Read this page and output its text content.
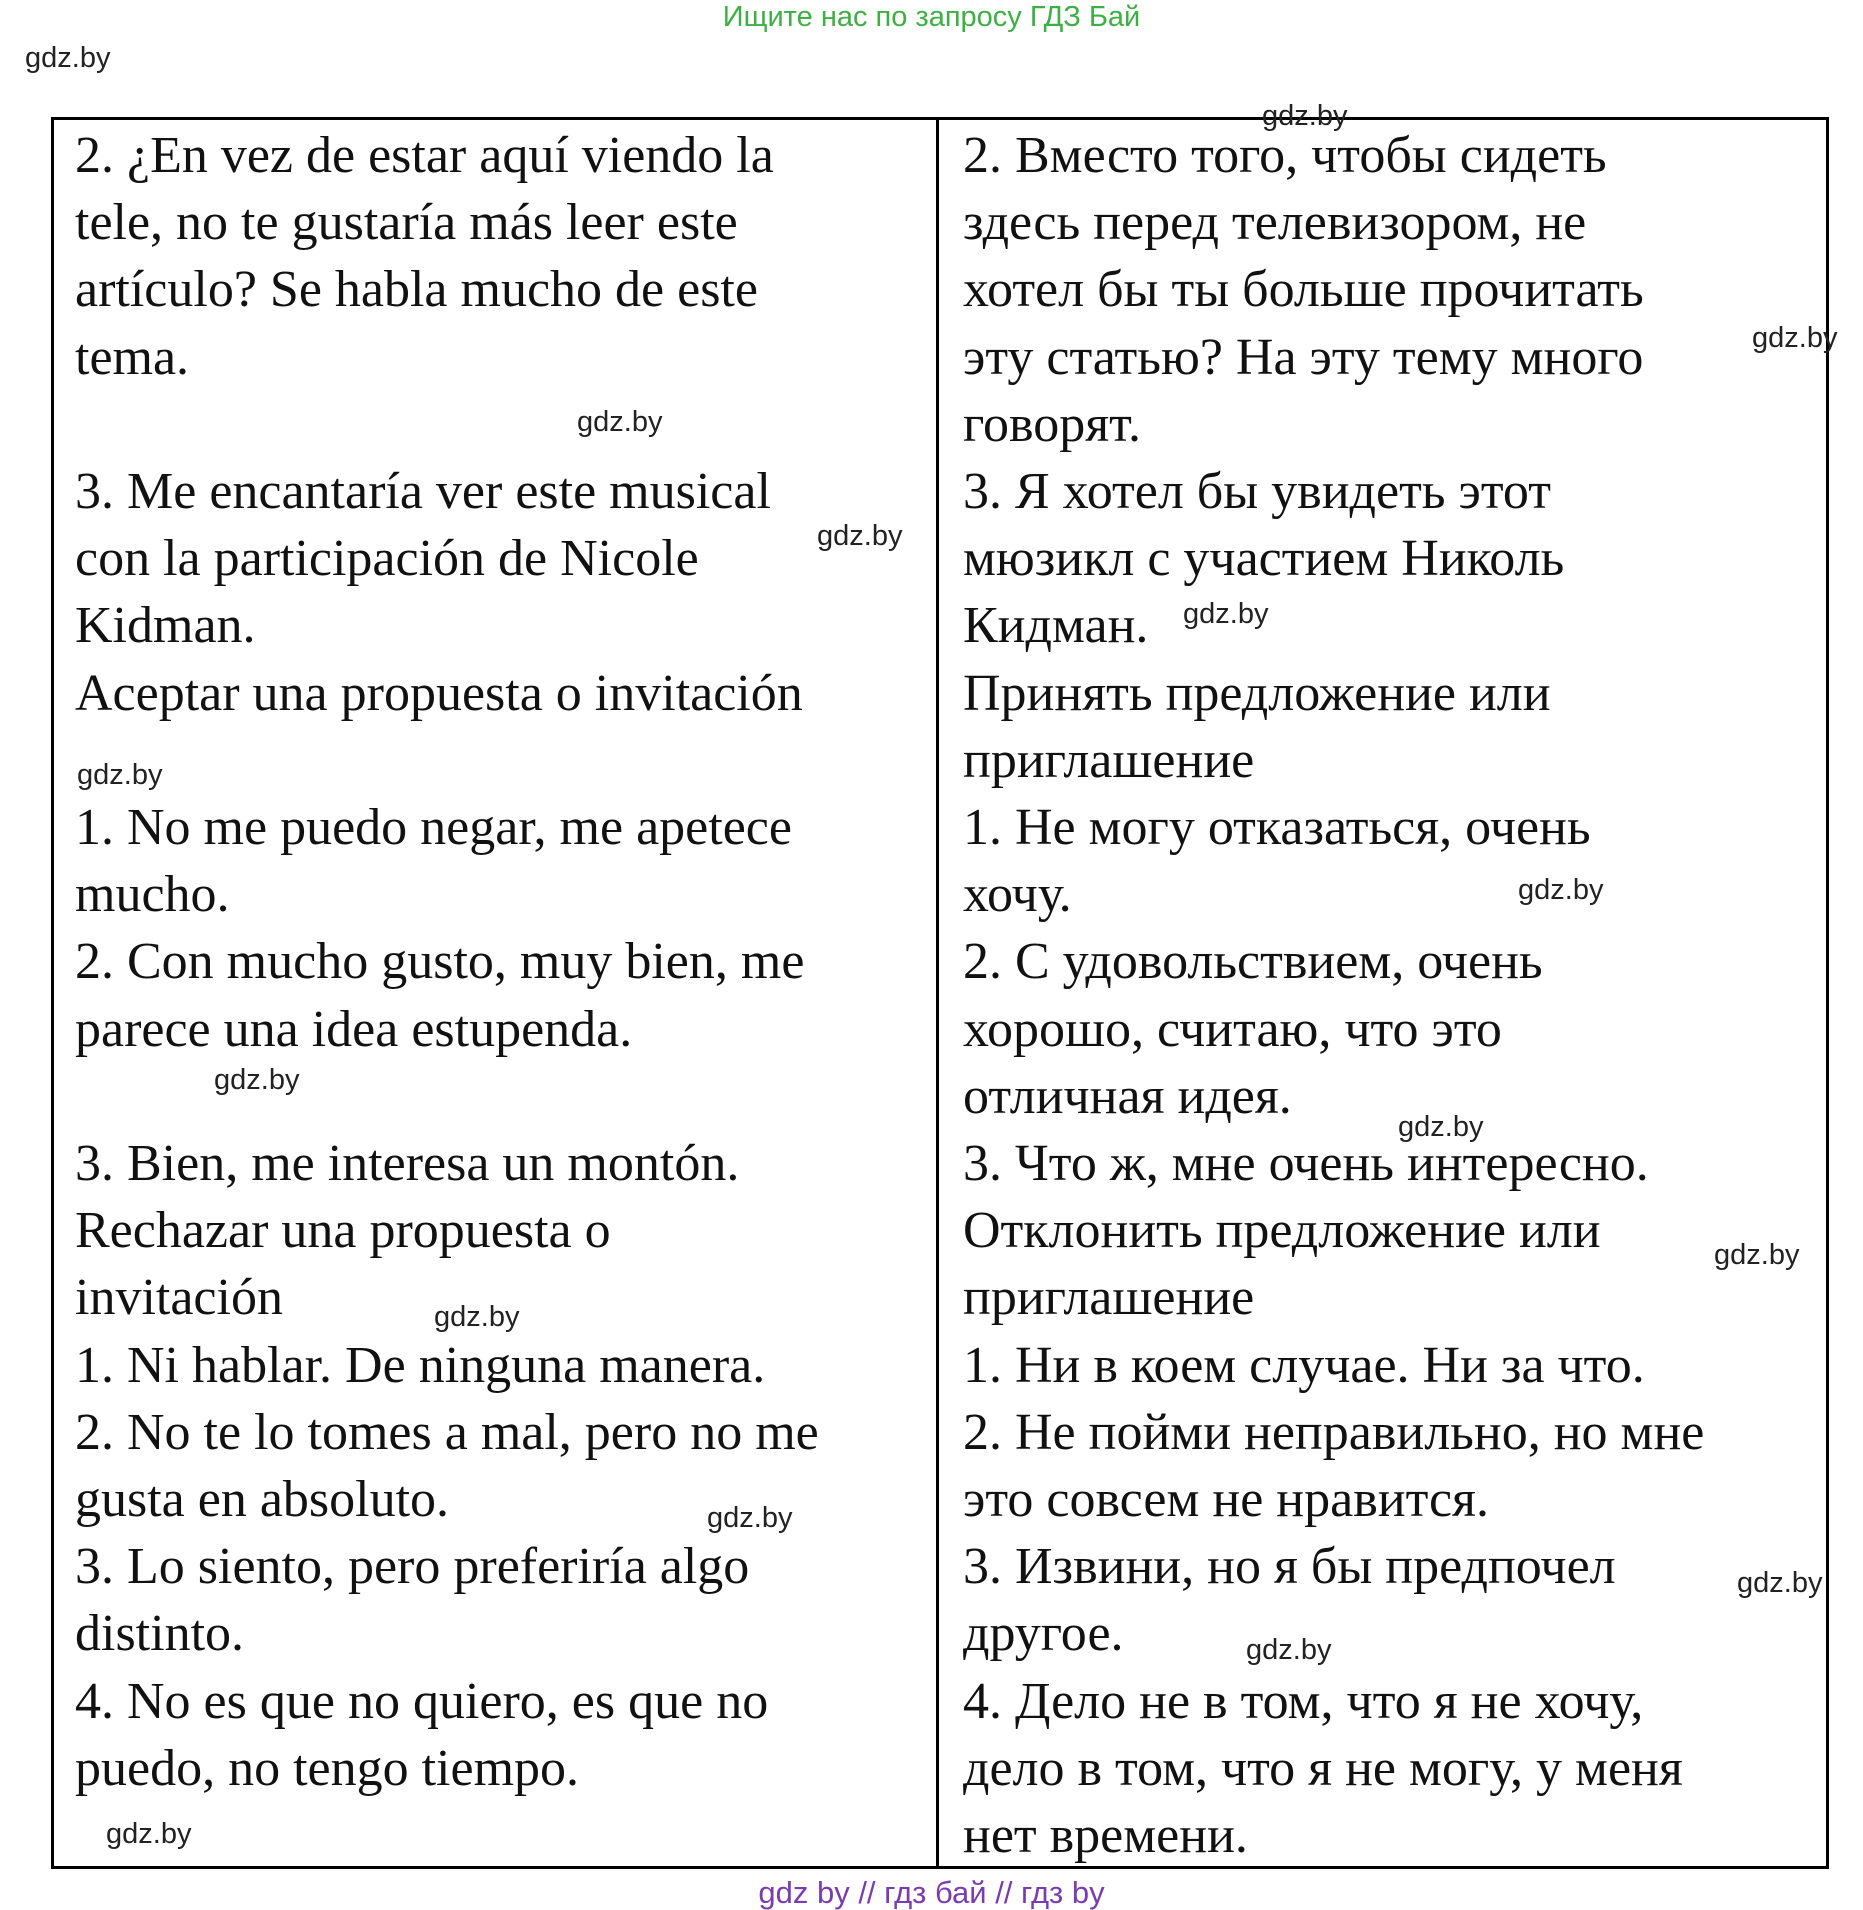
Ищите нас по запросу ГДЗ Бай
gdz.by

2. ¿En vez de estar aquí viendo la

tele, no te gustaría más leer este

artículo? Se habla mucho de este

tema.

3. Me encantaría ver este musical

con la participación de Nicole

Kidman.

Aceptar una propuesta o invitación

1. No me puedo negar, me apetece

mucho.

2. Con mucho gusto, muy bien, me

parece una idea estupenda.

3. Bien, me interesa un montón.

Rechazar una propuesta o

invitación

1. Ni hablar. De ninguna manera.

2. No te lo tomes a mal, pero no me

gusta en absoluto.

3. Lo siento, pero preferiría algo

distinto.

4. No es que no quiero, es que no

puedo, no tengo tiempo.

2. Вместо того, чтобы сидеть

здесь перед телевизором, не

хотел бы ты больше прочитать

эту статью? На эту тему много

говорят.

3. Я хотел бы увидеть этот

мюзикл с участием Николь

Кидман.

Принять предложение или

приглашение

1. Не могу отказаться, очень

хочу.

2. С удовольствием, очень

хорошо, считаю, что это

отличная идея.

3. Что ж, мне очень интересно.

Отклонить предложение или

приглашение

1. Ни в коем случае. Ни за что.

2. Не пойми неправильно, но мне

это совсем не нравится.

3. Извини, но я бы предпочел

другое.

4. Дело не в том, что я не хочу,

дело в том, что я не могу, у меня

нет времени.

gdz.by
gdz.by
gdz.by
gdz.by
gdz.by
gdz.by
gdz.by
gdz.by
gdz.by
gdz.by
gdz.by
gdz.by
gdz.by
gdz.by
gdz.by
gdz by // гдз бай // гдз by
